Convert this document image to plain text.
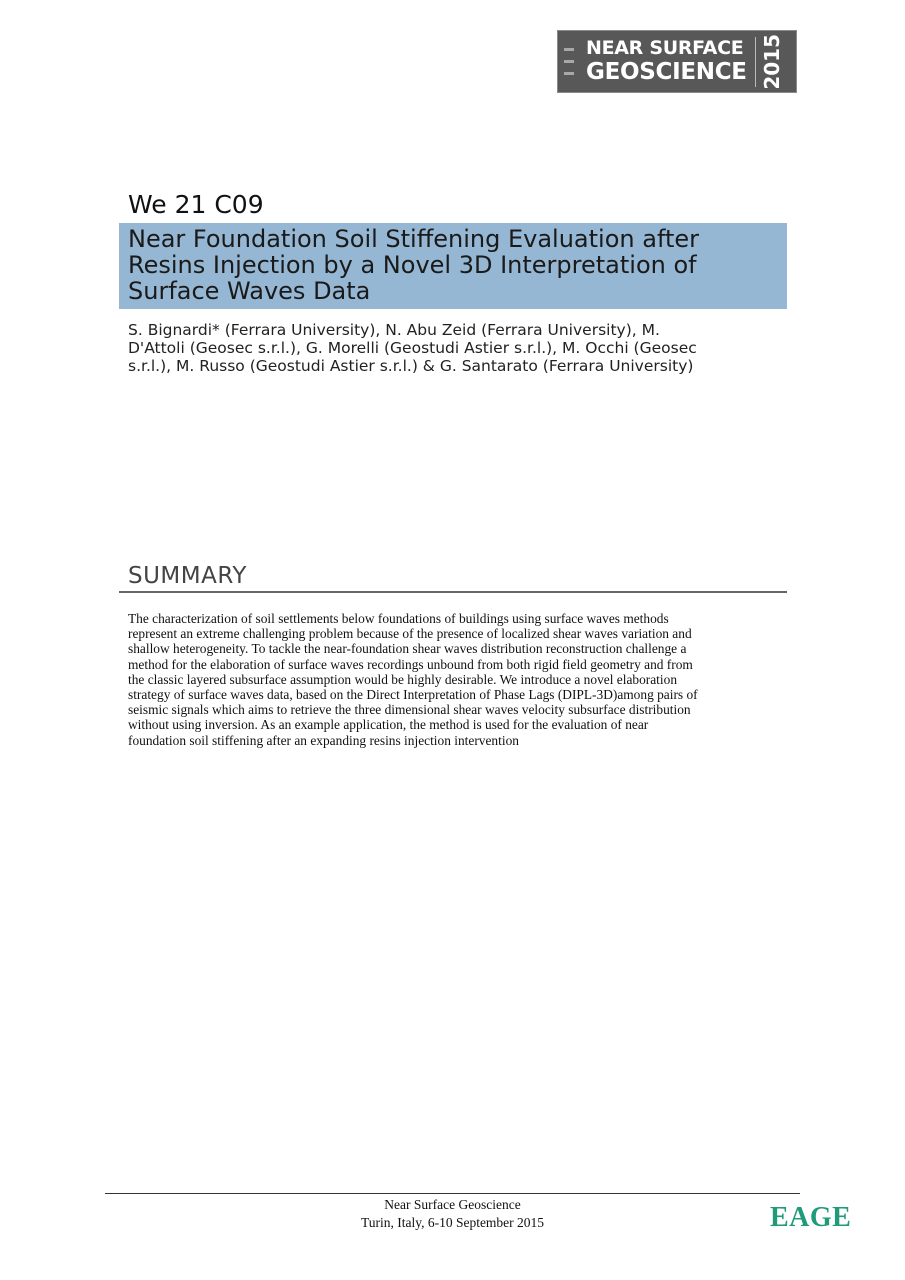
NEAR SURFACE
GEOSCIENCE 2015
We 21 C09
Near Foundation Soil Stiffening Evaluation after
Resins Injection by a Novel 3D Interpretation of
Surface Waves Data
S. Bignardi* (Ferrara University), N. Abu Zeid (Ferrara University), M.
D'Attoli (Geosec s.r.l.), G. Morelli (Geostudi Astier s.r.l.), M. Occhi (Geosec
s.r.l.), M. Russo (Geostudi Astier s.r.l.) & G. Santarato (Ferrara University)
SUMMARY
The characterization of soil settlements below foundations of buildings using surface waves methods
represent an extreme challenging problem because of the presence of localized shear waves variation and
shallow heterogeneity. To tackle the near-foundation shear waves distribution reconstruction challenge a
method for the elaboration of surface waves recordings unbound from both rigid field geometry and from
the classic layered subsurface assumption would be highly desirable. We introduce a novel elaboration
strategy of surface waves data, based on the Direct Interpretation of Phase Lags (DIPL-3D)among pairs of
seismic signals which aims to retrieve the three dimensional shear waves velocity subsurface distribution
without using inversion. As an example application, the method is used for the evaluation of near
foundation soil stiffening after an expanding resins injection intervention
Near Surface Geoscience
Turin, Italy, 6-10 September 2015	EAGE
